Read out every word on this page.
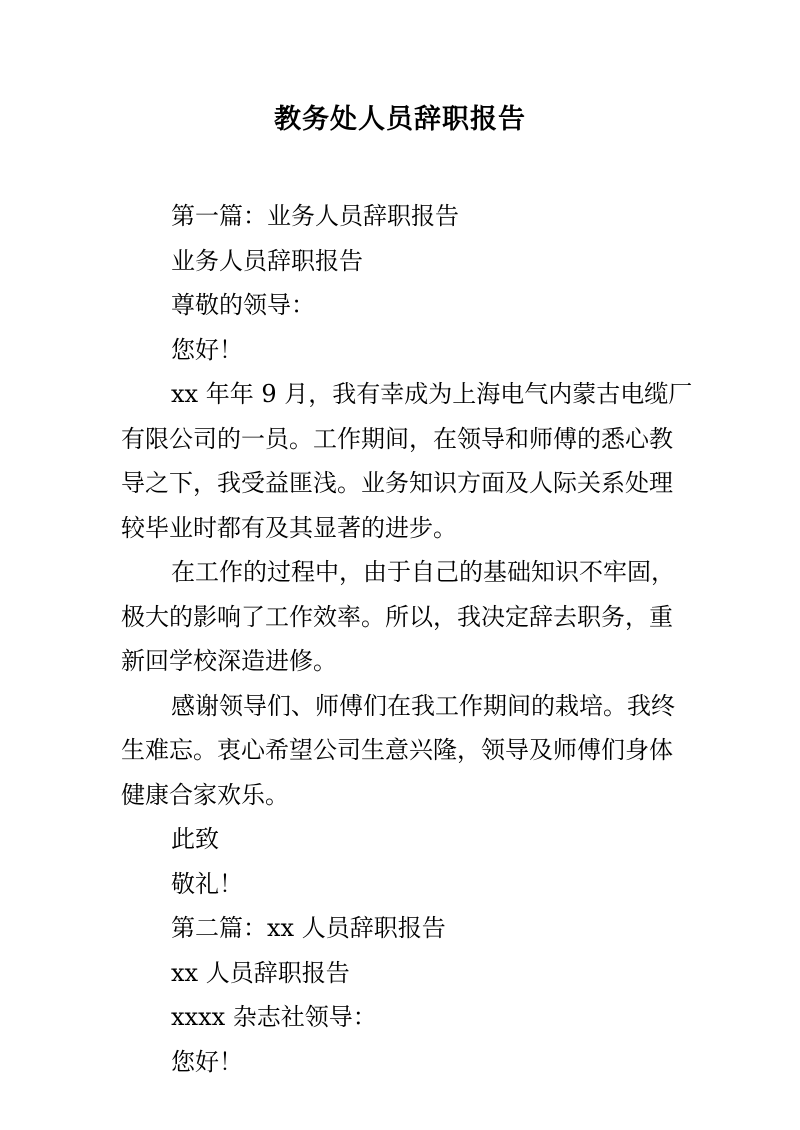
教务处人员辞职报告
第一篇：业务人员辞职报告
业务人员辞职报告
尊敬的领导：
您好！
xx 年年 9 月，我有幸成为上海电气内蒙古电缆厂
有限公司的一员。工作期间，在领导和师傅的悉心教
导之下，我受益匪浅。业务知识方面及人际关系处理
较毕业时都有及其显著的进步。
在工作的过程中，由于自己的基础知识不牢固，
极大的影响了工作效率。所以，我决定辞去职务，重
新回学校深造进修。
感谢领导们、师傅们在我工作期间的栽培。我终
生难忘。衷心希望公司生意兴隆，领导及师傅们身体
健康合家欢乐。
此致
敬礼！
第二篇：xx 人员辞职报告
xx 人员辞职报告
xxxx 杂志社领导：
您好！
